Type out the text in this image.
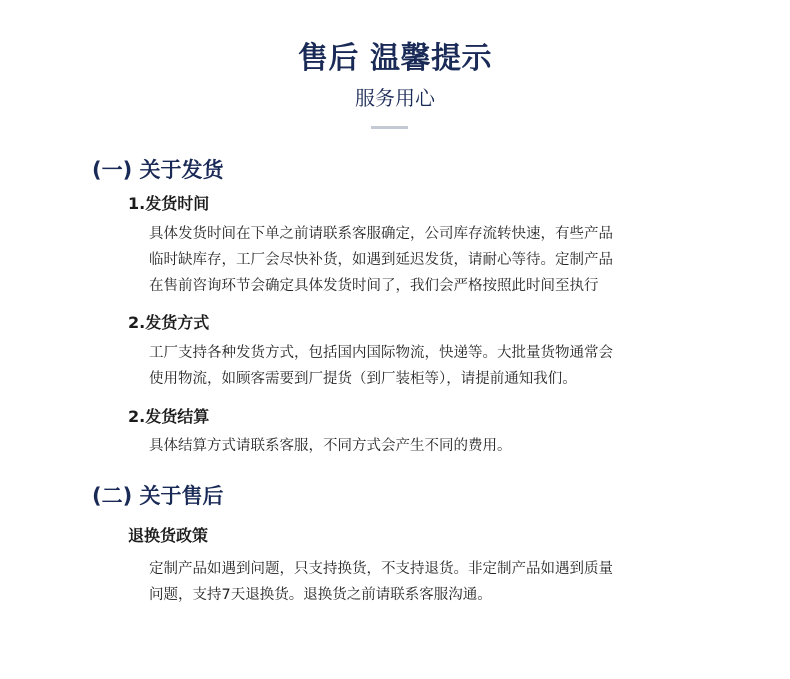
售后 温馨提示
服务用心
(一) 关于发货
1.发货时间
具体发货时间在下单之前请联系客服确定，公司库存流转快速，有些产品
临时缺库存，工厂会尽快补货，如遇到延迟发货，请耐心等待。定制产品
在售前咨询环节会确定具体发货时间了，我们会严格按照此时间至执行
2.发货方式
工厂支持各种发货方式，包括国内国际物流，快递等。大批量货物通常会
使用物流，如顾客需要到厂提货（到厂装柜等），请提前通知我们。
2.发货结算
具体结算方式请联系客服，不同方式会产生不同的费用。
(二) 关于售后
退换货政策
定制产品如遇到问题，只支持换货，不支持退货。非定制产品如遇到质量
问题，支持7天退换货。退换货之前请联系客服沟通。
